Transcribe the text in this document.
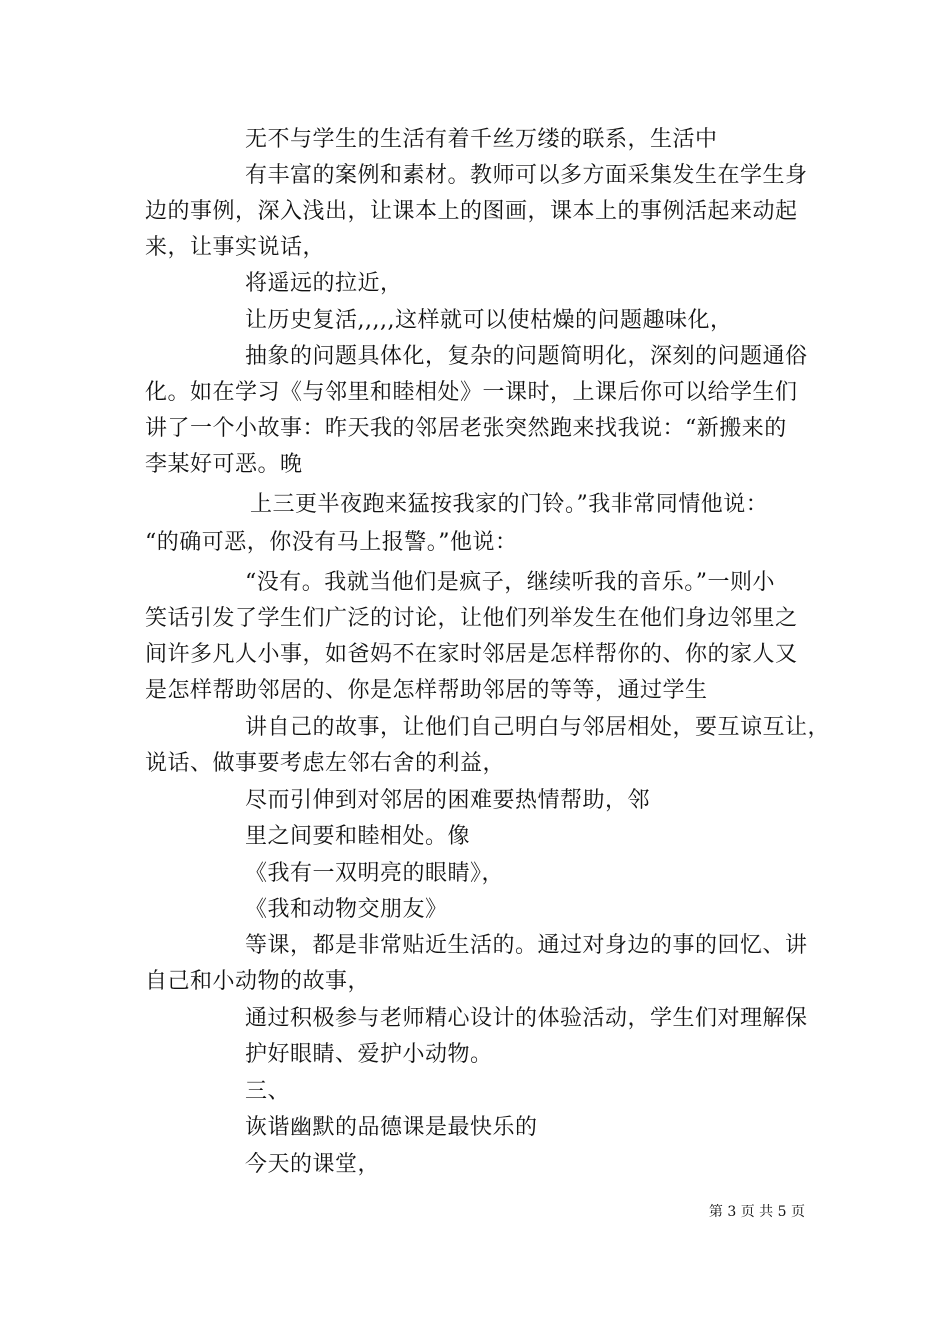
无不与学生的生活有着千丝万缕的联系，生活中
有丰富的案例和素材。教师可以多方面采集发生在学生身
边的事例，深入浅出，让课本上的图画，课本上的事例活起来动起
来，让事实说话，
将遥远的拉近，
让历史复活,,,,,这样就可以使枯燥的问题趣味化，
抽象的问题具体化，复杂的问题简明化，深刻的问题通俗
化。如在学习《与邻里和睦相处》一课时，上课后你可以给学生们
讲了一个小故事：昨天我的邻居老张突然跑来找我说：“新搬来的
李某好可恶。晚
上三更半夜跑来猛按我家的门铃。”我非常同情他说：
“的确可恶，你没有马上报警。”他说：
“没有。我就当他们是疯子，继续听我的音乐。”一则小
笑话引发了学生们广泛的讨论，让他们列举发生在他们身边邻里之
间许多凡人小事，如爸妈不在家时邻居是怎样帮你的、你的家人又
是怎样帮助邻居的、你是怎样帮助邻居的等等，通过学生
讲自己的故事，让他们自己明白与邻居相处，要互谅互让，
说话、做事要考虑左邻右舍的利益，
尽而引伸到对邻居的困难要热情帮助，邻
里之间要和睦相处。像
《我有一双明亮的眼睛》，
《我和动物交朋友》
等课，都是非常贴近生活的。通过对身边的事的回忆、讲
自己和小动物的故事，
通过积极参与老师精心设计的体验活动，学生们对理解保
护好眼睛、爱护小动物。
三、
诙谐幽默的品德课是最快乐的
今天的课堂，
第 3 页 共 5 页
